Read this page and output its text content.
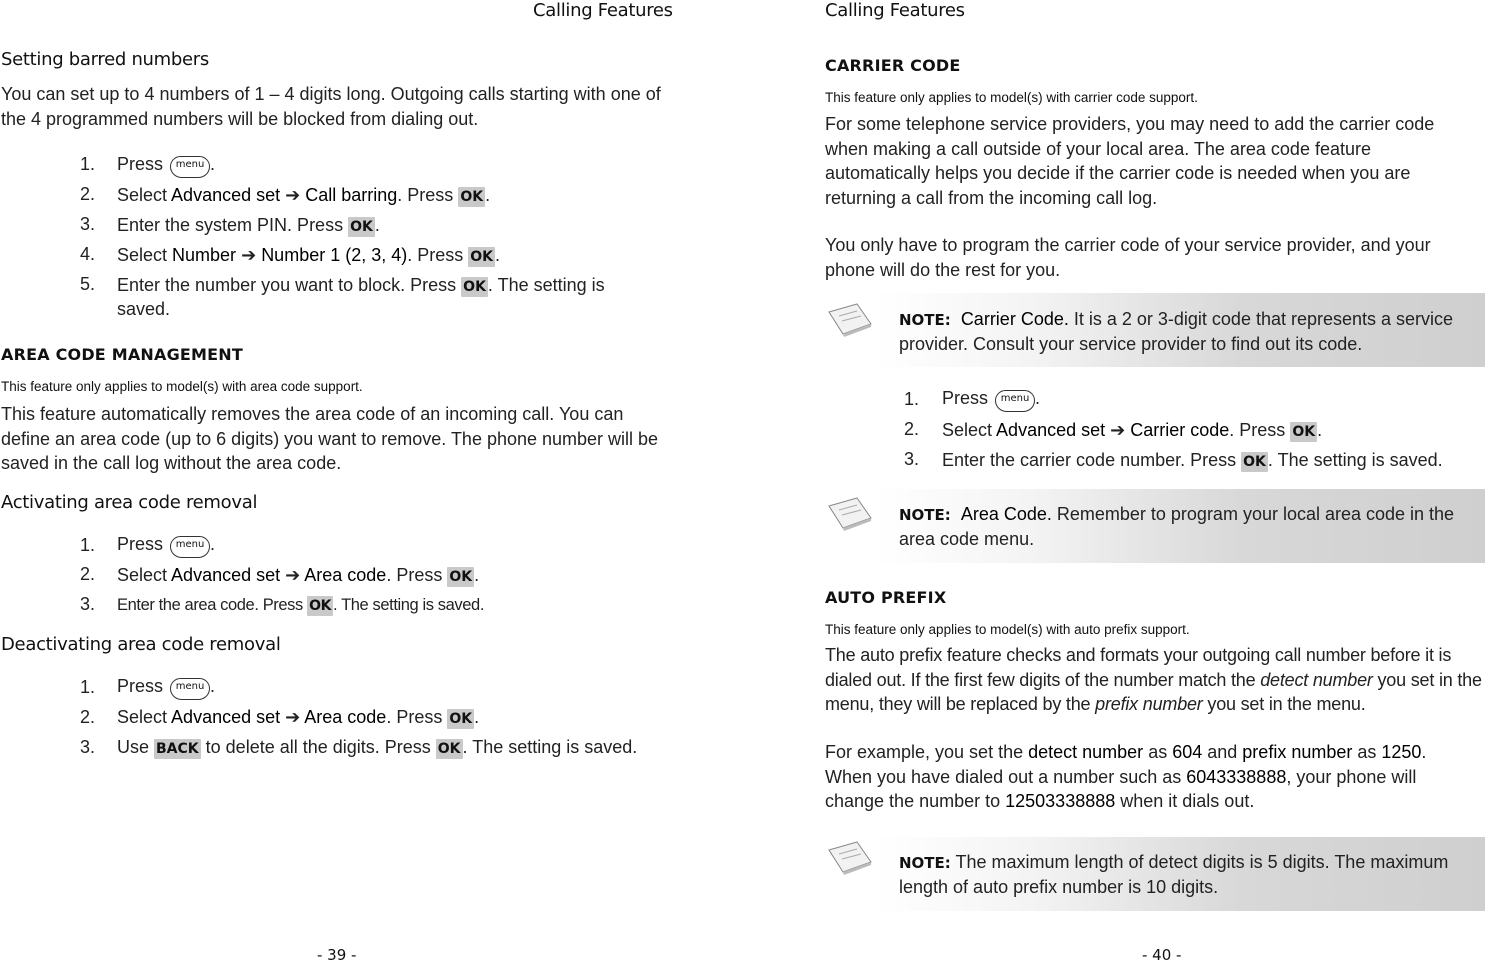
Calling Features
Setting barred numbers
You can set up to 4 numbers of 1 – 4 digits long. Outgoing calls starting with one of the 4 programmed numbers will be blocked from dialing out.
1. Press menu .
2. Select Advanced set ➔ Call barring. Press OK .
3. Enter the system PIN. Press OK .
4. Select Number ➔ Number 1 (2, 3, 4). Press OK .
5. Enter the number you want to block. Press OK . The setting is
saved.
AREA CODE MANAGEMENT
This feature only applies to model(s) with area code support.
This feature automatically removes the area code of an incoming call. You can define an area code (up to 6 digits) you want to remove. The phone number will be saved in the call log without the area code.
Activating area code removal
1. Press menu .
2. Select Advanced set ➔ Area code. Press OK .
3. Enter the area code. Press OK . The setting is saved.
Deactivating area code removal
1. Press menu .
2. Select Advanced set ➔ Area code. Press OK .
3. Use BACK to delete all the digits. Press OK . The setting is saved.
- 39 -
Calling Features
CARRIER CODE
This feature only applies to model(s) with carrier code support.
For some telephone service providers, you may need to add the carrier code when making a call outside of your local area. The area code feature automatically helps you decide if the carrier code is needed when you are returning a call from the incoming call log.
You only have to program the carrier code of your service provider, and your phone will do the rest for you.
NOTE: Carrier Code. It is a 2 or 3-digit code that represents a service provider. Consult your service provider to find out its code.
1. Press menu .
2. Select Advanced set ➔ Carrier code. Press OK .
3. Enter the carrier code number. Press OK . The setting is saved.
NOTE: Area Code. Remember to program your local area code in the area code menu.
AUTO PREFIX
This feature only applies to model(s) with auto prefix support.
The auto prefix feature checks and formats your outgoing call number before it is dialed out. If the first few digits of the number match the detect number you set in the menu, they will be replaced by the prefix number you set in the menu.
For example, you set the detect number as 604 and prefix number as 1250. When you have dialed out a number such as 6043338888, your phone will change the number to 12503338888 when it dials out.
NOTE: The maximum length of detect digits is 5 digits. The maximum length of auto prefix number is 10 digits.
- 40 -
